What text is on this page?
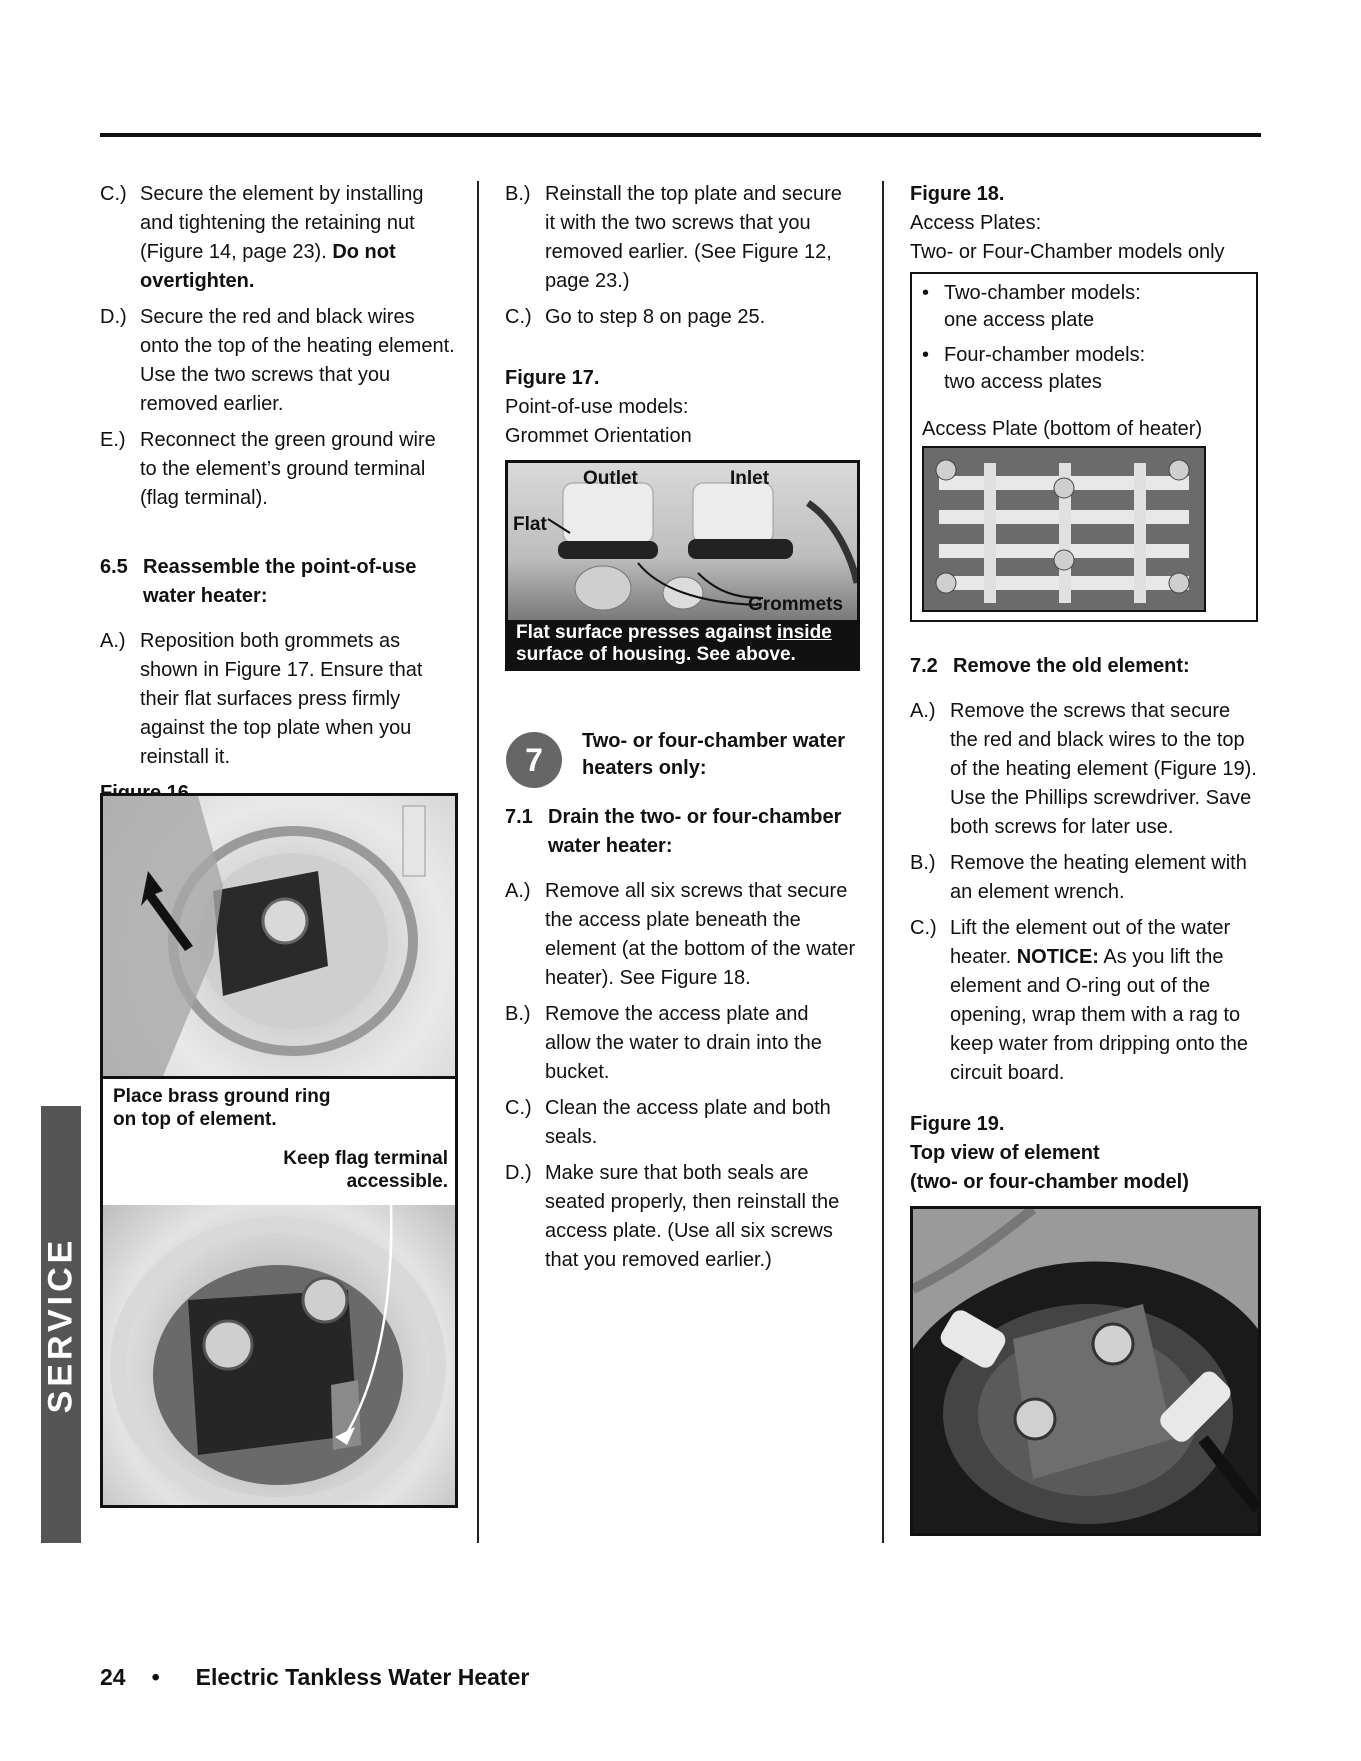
SERVICE
C.) Secure the element by installing and tightening the retaining nut (Figure 14, page 23). Do not overtighten.
D.) Secure the red and black wires onto the top of the heating element. Use the two screws that you removed earlier.
E.) Reconnect the green ground wire to the element’s ground terminal (flag terminal).
6.5 Reassemble the point-of-use water heater:
A.) Reposition both grommets as shown in Figure 17. Ensure that their flat surfaces press firmly against the top plate when you reinstall it.
Place brass ground ring on top of element.
Keep flag terminal accessible.
B.) Reinstall the top plate and secure it with the two screws that you removed earlier. (See Figure 12, page 23.)
C.) Go to step 8 on page 25.
Figure 17.
Point-of-use models:
Grommet Orientation
Outlet	Inlet
Flat
Grommets
Flat surface presses against inside
surface of housing. See above.
7
Two- or four-chamber water heaters only:
7.1 Drain the two- or four-chamber water heater:
A.) Remove all six screws that secure the access plate beneath the element (at the bottom of the water heater). See Figure 18.
B.) Remove the access plate and allow the water to drain into the bucket.
C.) Clean the access plate and both seals.
D.) Make sure that both seals are seated properly, then reinstall the access plate. (Use all six screws that you removed earlier.)
Figure 18.
Access Plates:
Two- or Four-Chamber models only
• Two-chamber models:
one access plate
• Four-chamber models:
two access plates
Access Plate (bottom of heater)
7.2 Remove the old element:
A.) Remove the screws that secure the red and black wires to the top of the heating element (Figure 19). Use the Phillips screwdriver. Save both screws for later use.
B.) Remove the heating element with an element wrench.
C.) Lift the element out of the water heater. NOTICE: As you lift the element and O-ring out of the opening, wrap them with a rag to keep water from dripping onto the circuit board.
Figure 19.
Top view of element
(two- or four-chamber model)
24 • Electric Tankless Water Heater
